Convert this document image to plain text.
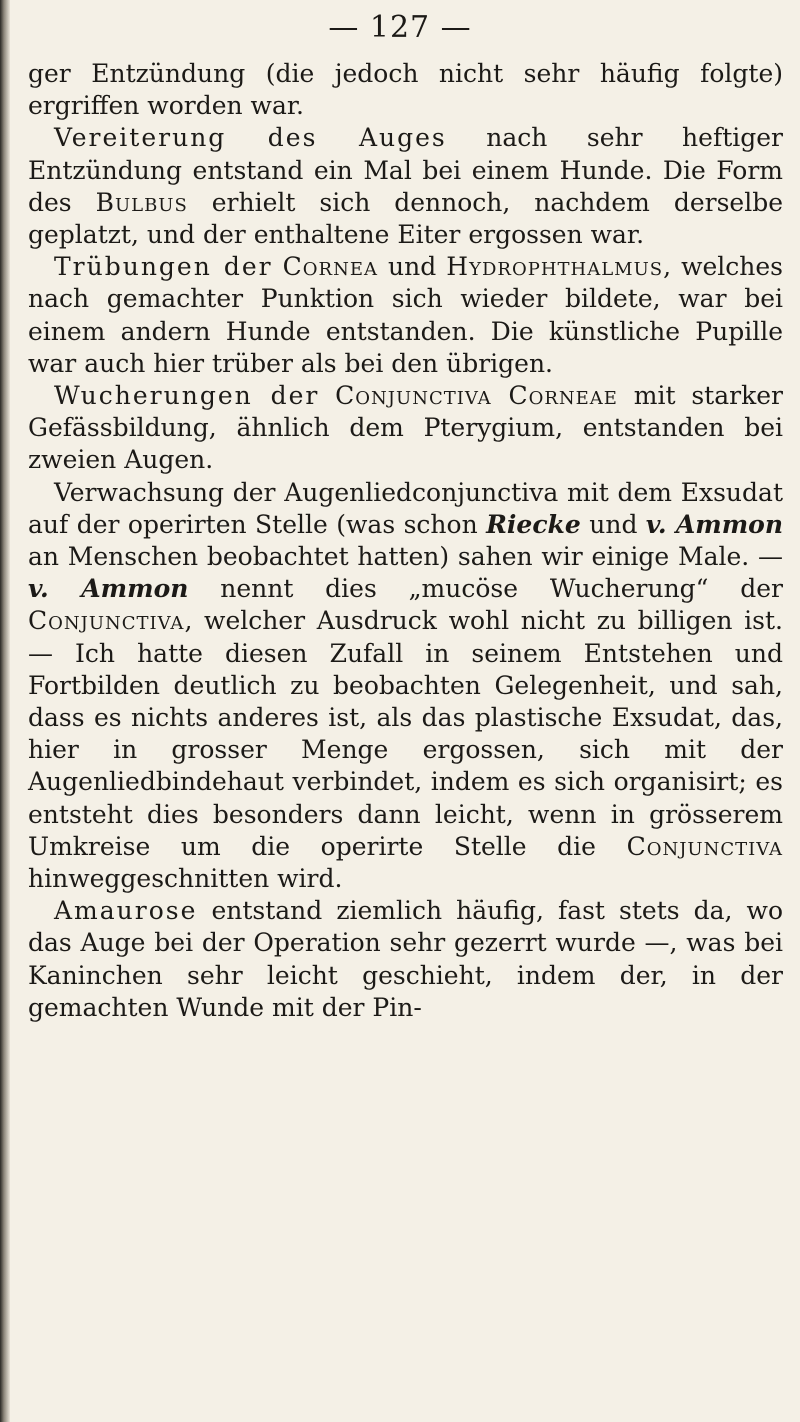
— 127 —

ger Entzündung (die jedoch nicht sehr häufig folgte) ergriffen worden war.

Vereiterung des Auges nach sehr heftiger Entzündung entstand ein Mal bei einem Hunde. Die Form des Bulbus erhielt sich dennoch, nachdem derselbe geplatzt, und der enthaltene Eiter ergossen war.

Trübungen der Cornea und Hydrophthalmus, welches nach gemachter Punktion sich wieder bildete, war bei einem andern Hunde entstanden. Die künstliche Pupille war auch hier trüber als bei den übrigen.

Wucherungen der Conjunctiva Corneae mit starker Gefässbildung, ähnlich dem Pterygium, entstanden bei zweien Augen.

Verwachsung der Augenliedconjunctiva mit dem Exsudat auf der operirten Stelle (was schon Riecke und v. Ammon an Menschen beobachtet hatten) sahen wir einige Male. — v. Ammon nennt dies „mucöse Wucherung“ der Conjunctiva, welcher Ausdruck wohl nicht zu billigen ist. — Ich hatte diesen Zufall in seinem Entstehen und Fortbilden deutlich zu beobachten Gelegenheit, und sah, dass es nichts anderes ist, als das plastische Exsudat, das, hier in grosser Menge ergossen, sich mit der Augenliedbindehaut verbindet, indem es sich organisirt; es entsteht dies besonders dann leicht, wenn in grösserem Umkreise um die operirte Stelle die Conjunctiva hinweggeschnitten wird.

Amaurose entstand ziemlich häufig, fast stets da, wo das Auge bei der Operation sehr gezerrt wurde —, was bei Kaninchen sehr leicht geschieht, indem der, in der gemachten Wunde mit der Pin-
